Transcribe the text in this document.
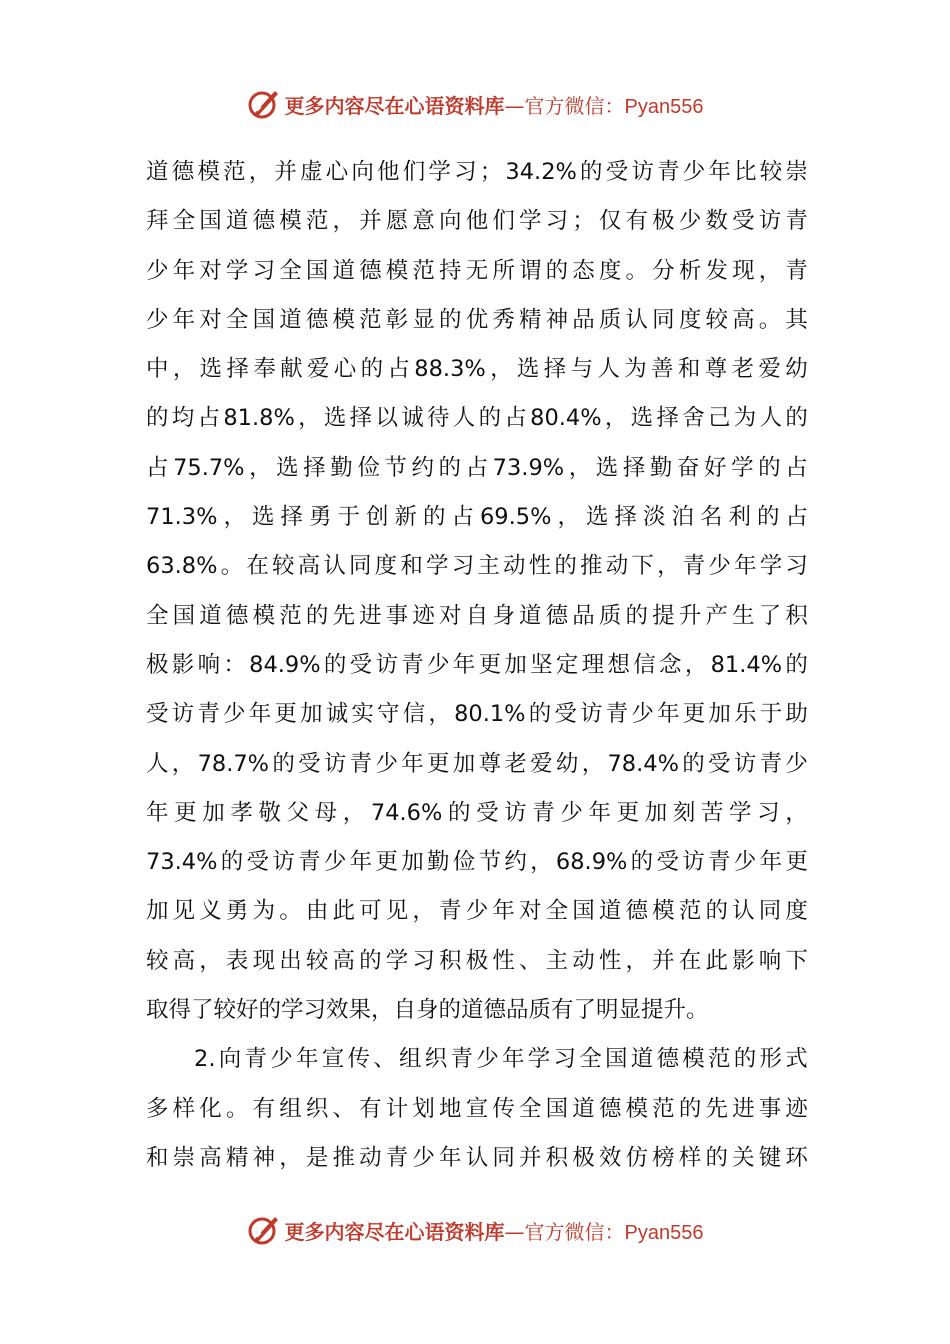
更多内容尽在心语资料库 — 官方微信： Pyan556
道 德 模 范 ， 并 虚 心 向 他 们 学 习 ； 34.2% 的 受 访 青 少 年 比 较 崇
拜 全 国 道 德 模 范 ， 并 愿 意 向 他 们 学 习 ； 仅 有 极 少 数 受 访 青
少 年 对 学 习 全 国 道 德 模 范 持 无 所 谓 的 态 度 。 分 析 发 现 ， 青
少 年 对 全 国 道 德 模 范 彰 显 的 优 秀 精 神 品 质 认 同 度 较 高 。 其
中 ， 选 择 奉 献 爱 心 的 占 88.3% ， 选 择 与 人 为 善 和 尊 老 爱 幼
的 均 占 81.8% ， 选 择 以 诚 待 人 的 占 80.4% ， 选 择 舍 己 为 人 的
占 75.7% ， 选 择 勤 俭 节 约 的 占 73.9% ， 选 择 勤 奋 好 学 的 占
71.3% ， 选 择 勇 于 创 新 的 占 69.5% ， 选 择 淡 泊 名 利 的 占
63.8% 。 在 较 高 认 同 度 和 学 习 主 动 性 的 推 动 下 ， 青 少 年 学 习
全 国 道 德 模 范 的 先 进 事 迹 对 自 身 道 德 品 质 的 提 升 产 生 了 积
极 影 响 ： 84.9% 的 受 访 青 少 年 更 加 坚 定 理 想 信 念 ， 81.4% 的
受 访 青 少 年 更 加 诚 实 守 信 ， 80.1% 的 受 访 青 少 年 更 加 乐 于 助
人 ， 78.7% 的 受 访 青 少 年 更 加 尊 老 爱 幼 ， 78.4% 的 受 访 青 少
年 更 加 孝 敬 父 母 ， 74.6% 的 受 访 青 少 年 更 加 刻 苦 学 习 ，
73.4% 的 受 访 青 少 年 更 加 勤 俭 节 约 ， 68.9% 的 受 访 青 少 年 更
加 见 义 勇 为 。 由 此 可 见 ， 青 少 年 对 全 国 道 德 模 范 的 认 同 度
较 高 ， 表 现 出 较 高 的 学 习 积 极 性 、 主 动 性 ， 并 在 此 影 响 下
取得了较好的学习效果，自身的道德品质有了明显提升。
2. 向 青 少 年 宣 传 、 组 织 青 少 年 学 习 全 国 道 德 模 范 的 形 式
多 样 化 。 有 组 织 、 有 计 划 地 宣 传 全 国 道 德 模 范 的 先 进 事 迹
和 崇 高 精 神 ， 是 推 动 青 少 年 认 同 并 积 极 效 仿 榜 样 的 关 键 环
更多内容尽在心语资料库 — 官方微信： Pyan556
